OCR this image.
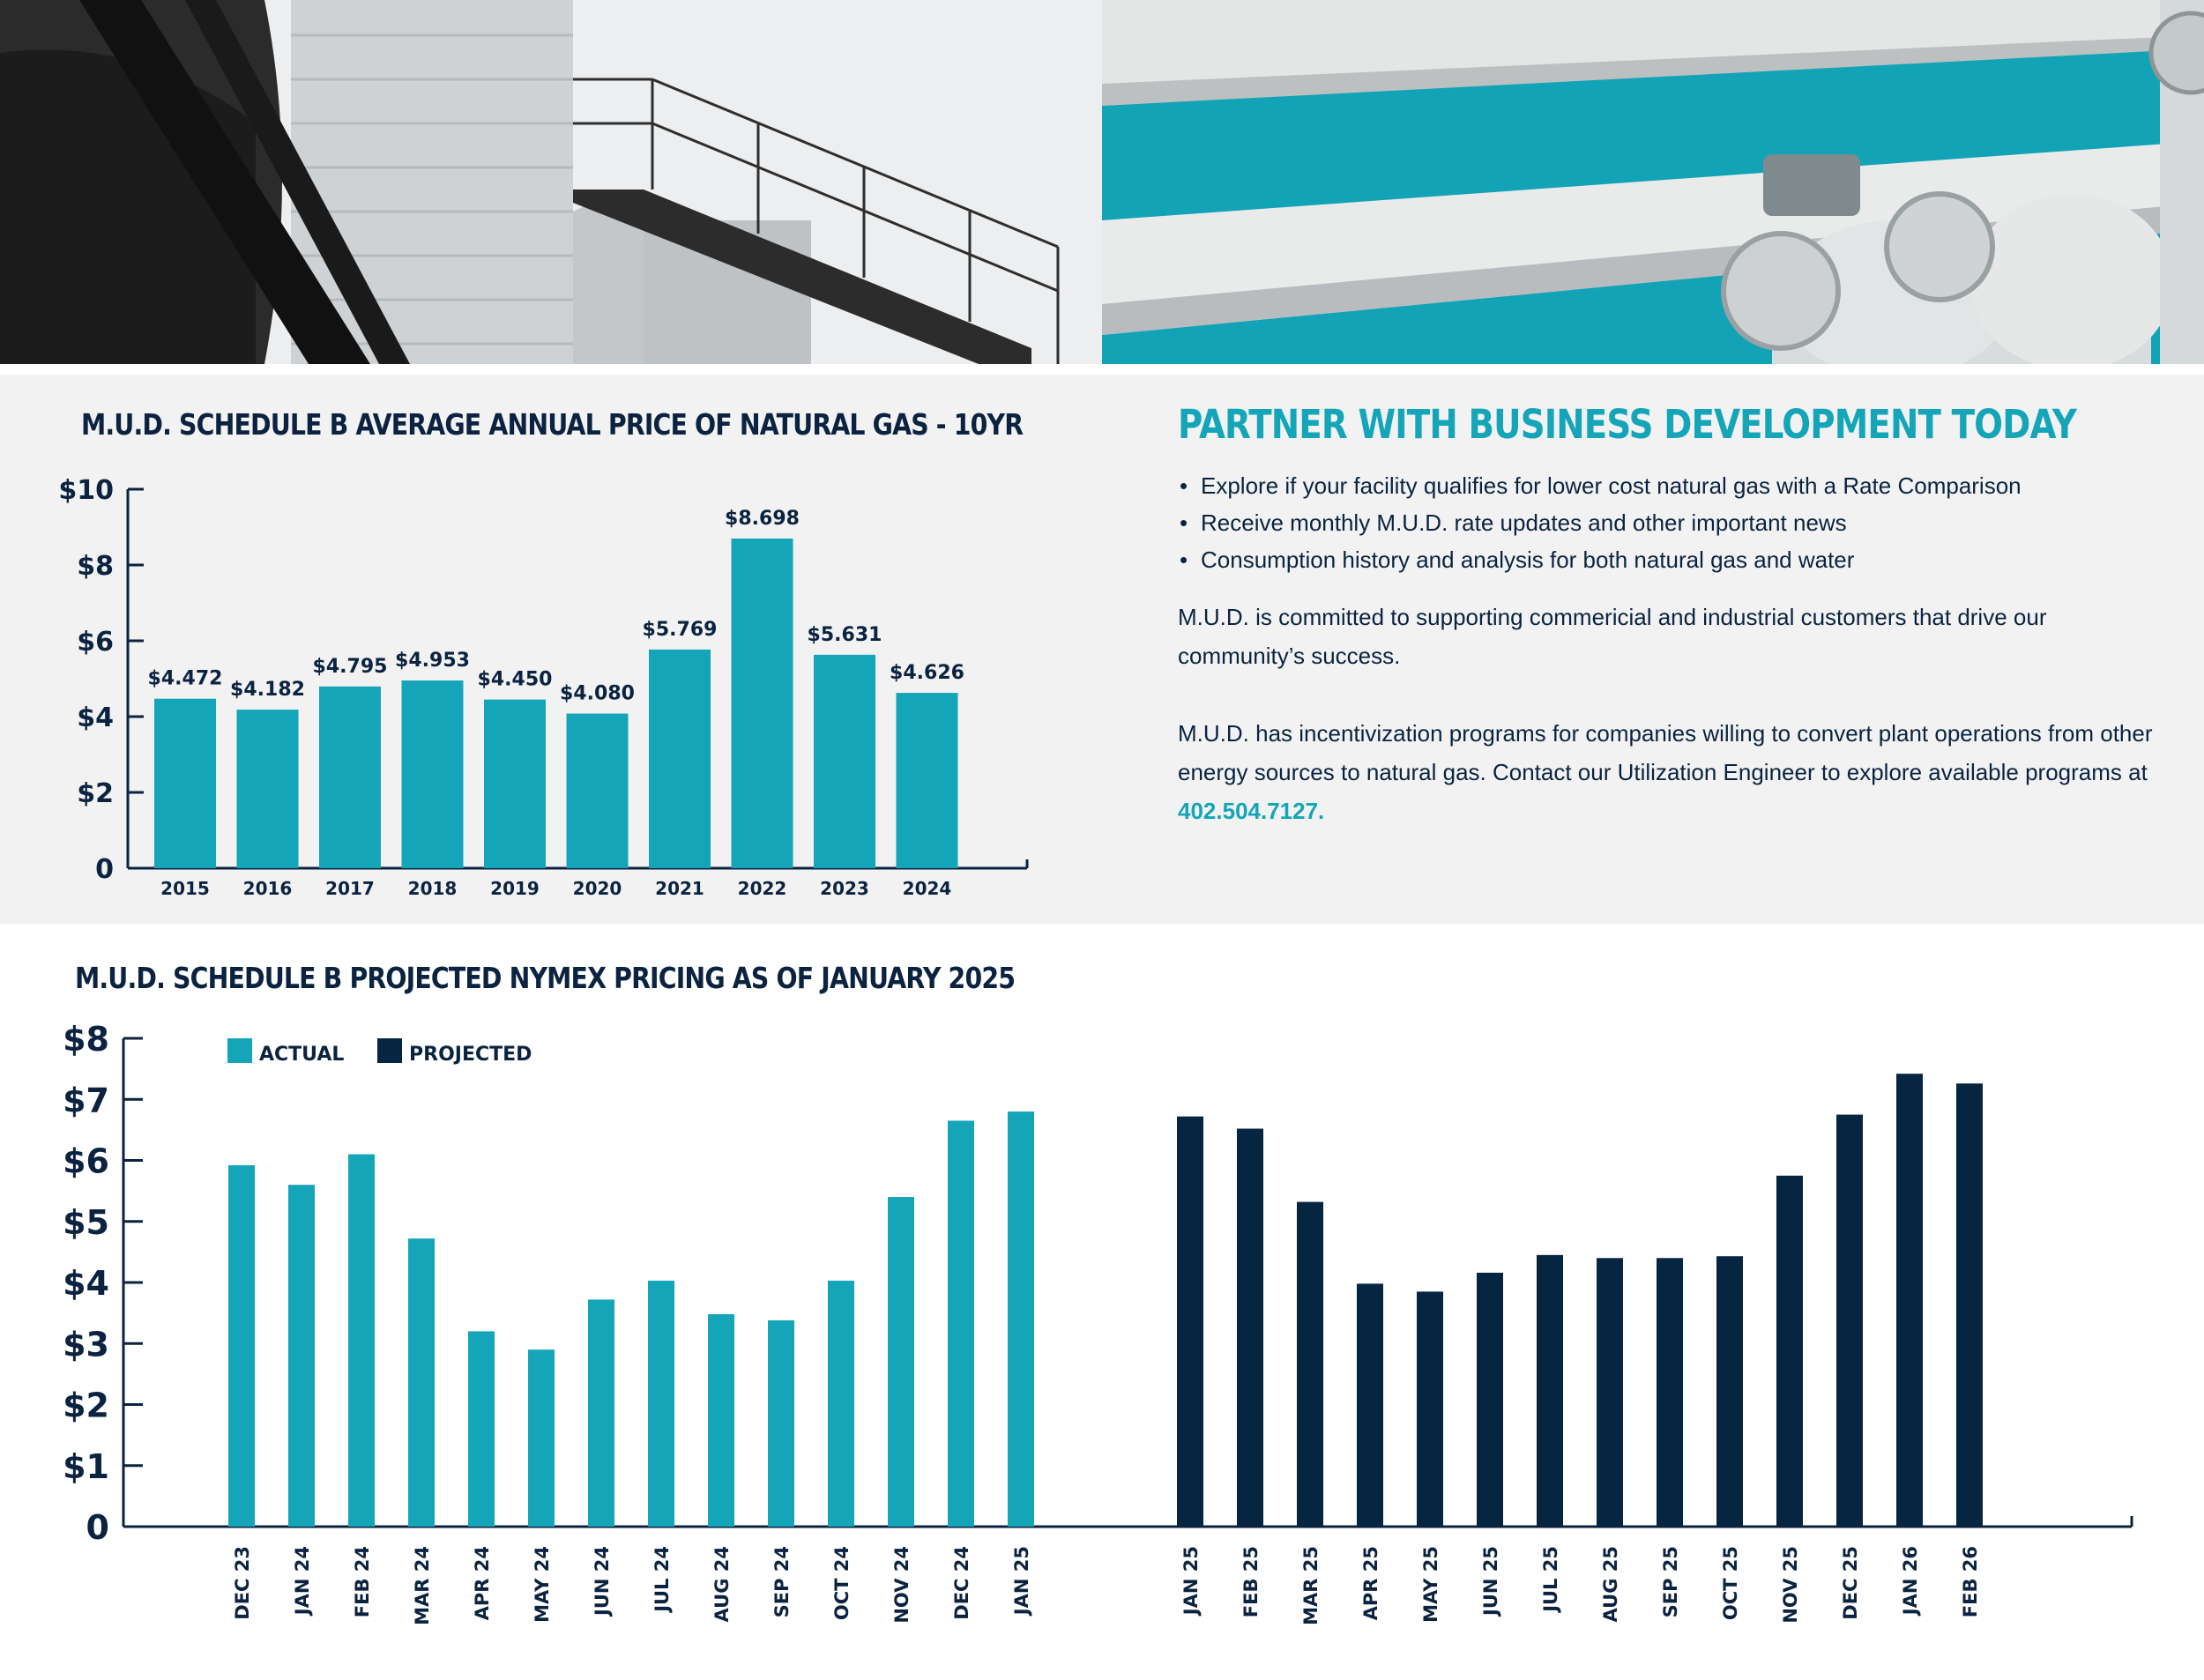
M.U.D. SCHEDULE B AVERAGE ANNUAL PRICE OF NATURAL GAS - 10YR
0
$2
$4
$6
$8
$10
$4.472
2015
$4.182
2016
$4.795
2017
$4.953
2018
$4.450
2019
$4.080
2020
$5.769
2021
$8.698
2022
$5.631
2023
$4.626
2024
PARTNER WITH BUSINESS DEVELOPMENT TODAY
• Explore if your facility qualifies for lower cost natural gas with a Rate Comparison
• Receive monthly M.U.D. rate updates and other important news
• Consumption history and analysis for both natural gas and water

M.U.D. is committed to supporting commericial and industrial customers that drive our community’s success.

M.U.D. has incentivization programs for companies willing to convert plant operations from other energy sources to natural gas. Contact our Utilization Engineer to explore available programs at 402.504.7127.

M.U.D. SCHEDULE B PROJECTED NYMEX PRICING AS OF JANUARY 2025
0
$1
$2
$3
$4
$5
$6
$7
$8	ACTUAL	PROJECTED
DEC 23 JAN 24 FEB 24 MAR 24 APR 24 MAY 24 JUN 24 JUL 24 AUG 24 SEP 24 OCT 24 NOV 24 DEC 24 JAN 25	JAN 25 FEB 25 MAR 25 APR 25 MAY 25 JUN 25 JUL 25 AUG 25 SEP 25 OCT 25 NOV 25 DEC 25 JAN 26 FEB 26
